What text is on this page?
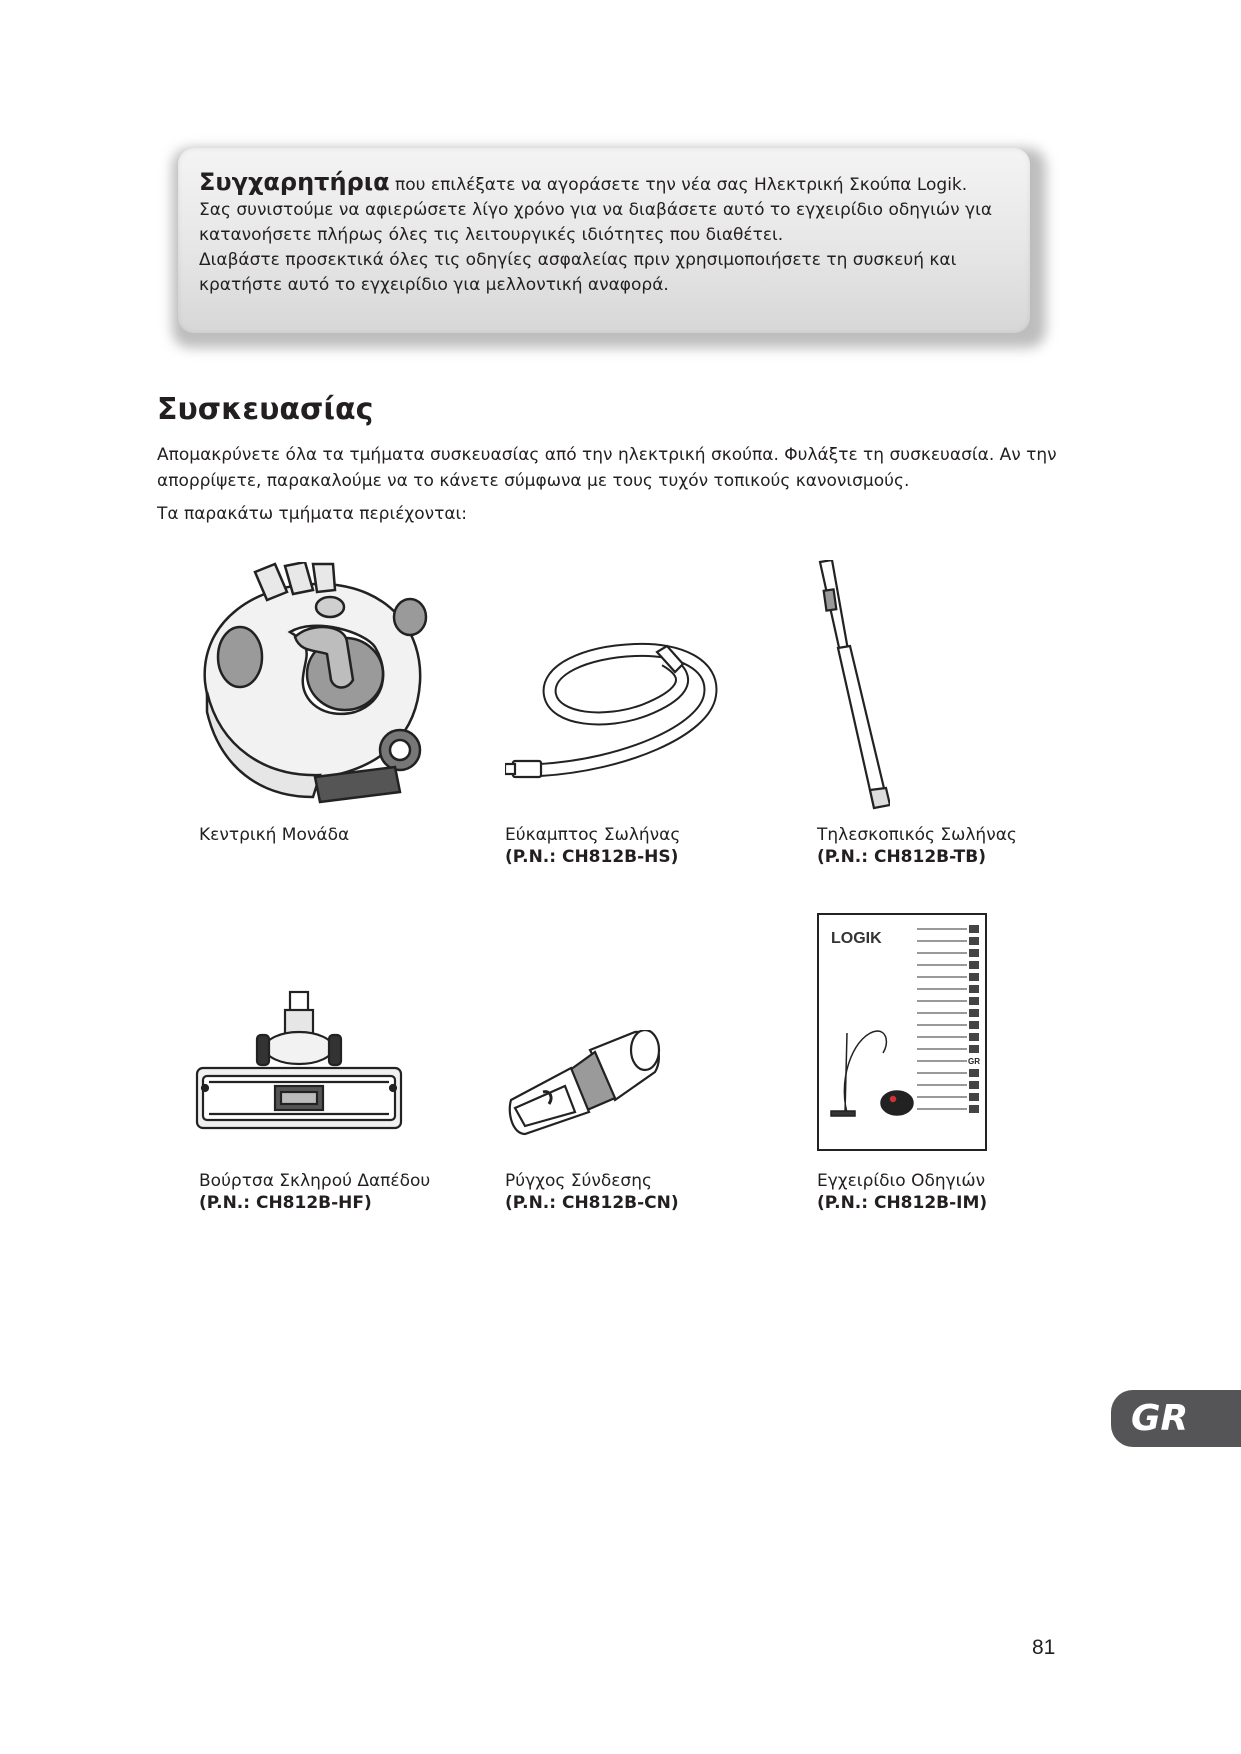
Συγχαρητήρια που επιλέξατε να αγοράσετε την νέα σας Ηλεκτρική Σκούπα Logik.

Σας συνιστούμε να αφιερώσετε λίγο χρόνο για να διαβάσετε αυτό το εγχειρίδιο οδηγιών για κατανοήσετε πλήρως όλες τις λειτουργικές ιδιότητες που διαθέτει.

Διαβάστε προσεκτικά όλες τις οδηγίες ασφαλείας πριν χρησιμοποιήσετε τη συσκευή και κρατήστε αυτό το εγχειρίδιο για μελλοντική αναφορά.

Συσκευασίας

Απομακρύνετε όλα τα τμήματα συσκευασίας από την ηλεκτρική σκούπα. Φυλάξτε τη συσκευασία. Αν την απορρίψετε, παρακαλούμε να το κάνετε σύμφωνα με τους τυχόν τοπικούς κανονισμούς.

Τα παρακάτω τμήματα περιέχονται:

Κεντρική Μονάδα	Εύκαμπτος Σωλήνας
(P.N.: CH812B-HS)
Τηλεσκοπικός Σωλήνας
(P.N.: CH812B-TB)
Βούρτσα Σκληρού Δαπέδου
(P.N.: CH812B-HF)
Ρύγχος Σύνδεσης
(P.N.: CH812B-CN)
LOGIK
GR
Εγχειρίδιο Οδηγιών
(P.N.: CH812B-IM)
GR
81
